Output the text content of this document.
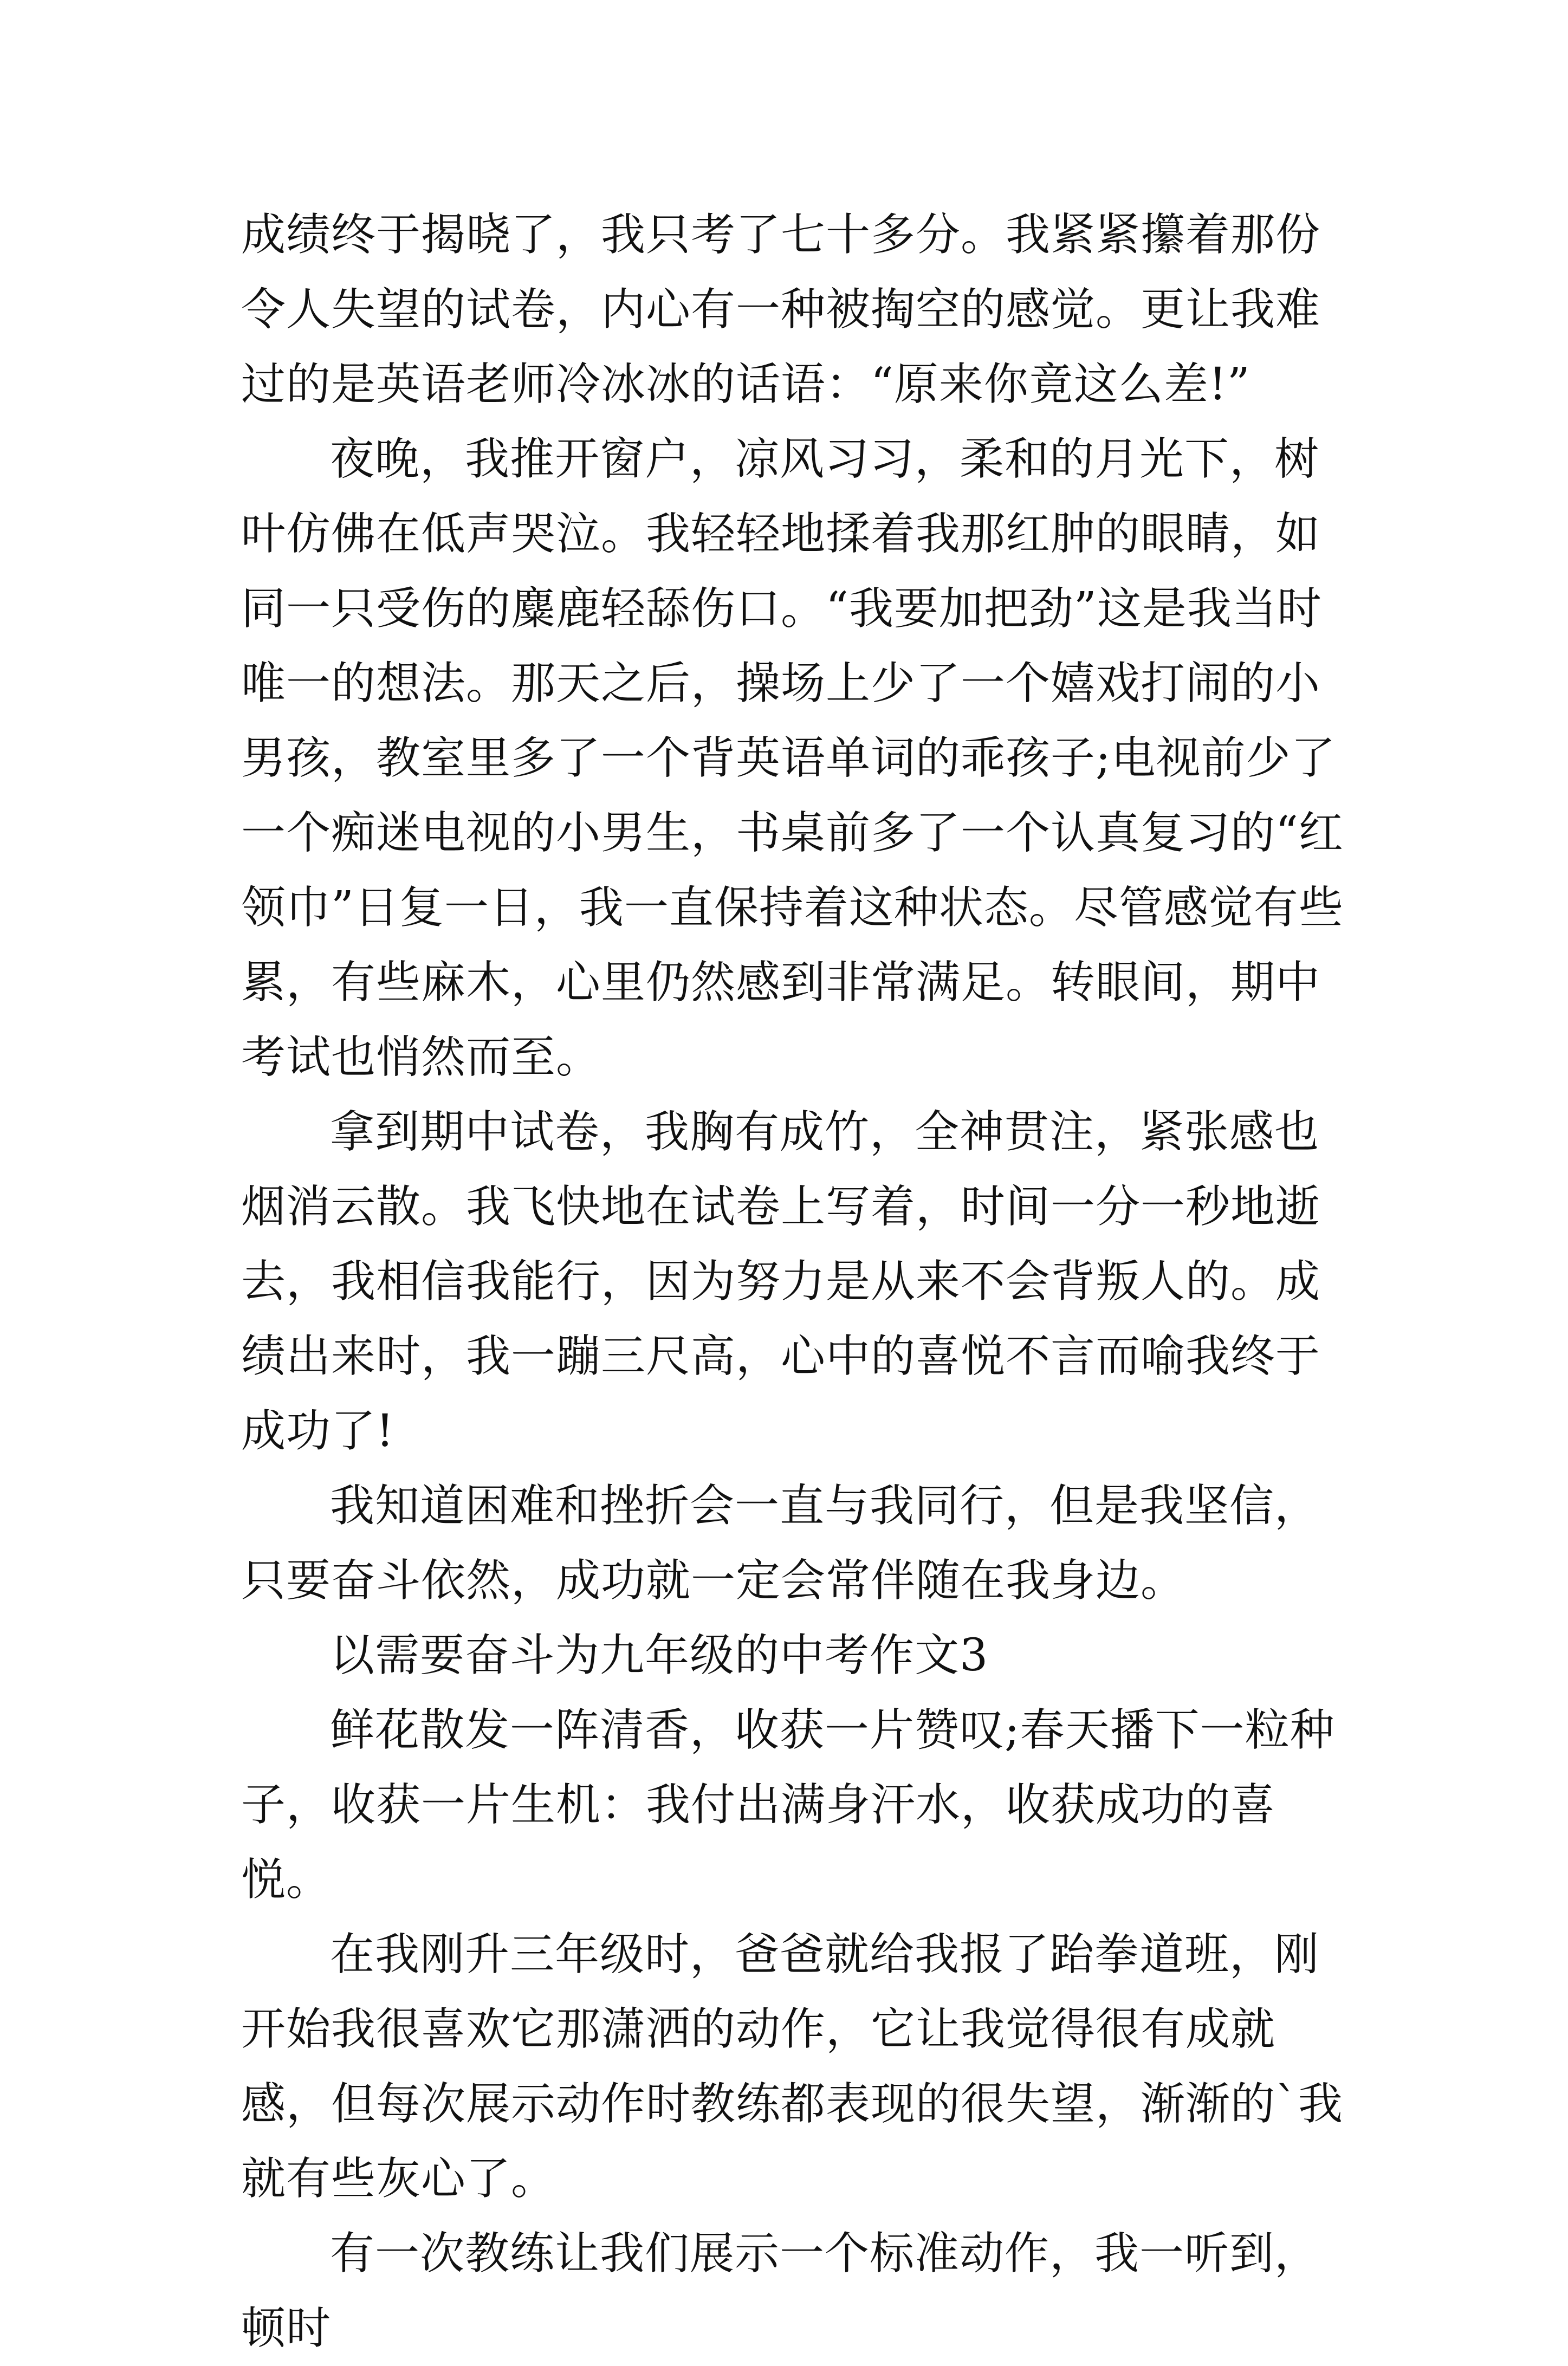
成绩终于揭晓了，我只考了七十多分。我紧紧攥着那份令人失望的试卷，内心有一种被掏空的感觉。更让我难过的是英语老师冷冰冰的话语：“原来你竟这么差!”

夜晚，我推开窗户，凉风习习，柔和的月光下，树叶仿佛在低声哭泣。我轻轻地揉着我那红肿的眼睛，如同一只受伤的麋鹿轻舔伤口。“我要加把劲”这是我当时唯一的想法。那天之后，操场上少了一个嬉戏打闹的小男孩，教室里多了一个背英语单词的乖孩子;电视前少了一个痴迷电视的小男生，书桌前多了一个认真复习的“红领巾”日复一日，我一直保持着这种状态。尽管感觉有些累，有些麻木，心里仍然感到非常满足。转眼间，期中考试也悄然而至。

拿到期中试卷，我胸有成竹，全神贯注，紧张感也烟消云散。我飞快地在试卷上写着，时间一分一秒地逝去，我相信我能行，因为努力是从来不会背叛人的。成绩出来时，我一蹦三尺高，心中的喜悦不言而喻我终于成功了!

我知道困难和挫折会一直与我同行，但是我坚信，只要奋斗依然，成功就一定会常伴随在我身边。

以需要奋斗为九年级的中考作文3

鲜花散发一阵清香，收获一片赞叹;春天播下一粒种子，收获一片生机：我付出满身汗水，收获成功的喜悦。

在我刚升三年级时，爸爸就给我报了跆拳道班，刚开始我很喜欢它那潇洒的动作，它让我觉得很有成就感，但每次展示动作时教练都表现的很失望，渐渐的`我就有些灰心了。

有一次教练让我们展示一个标准动作，我一听到，顿时
